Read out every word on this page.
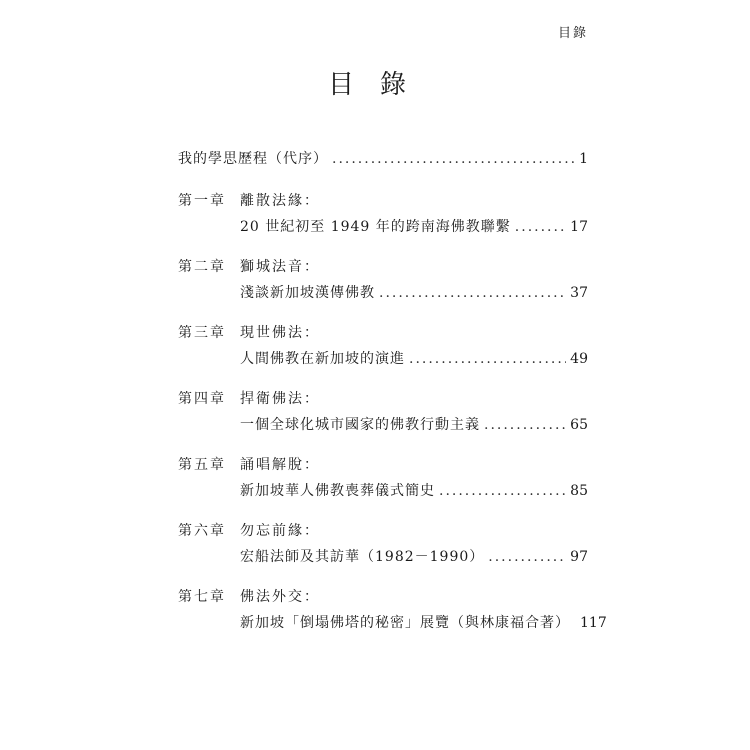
目錄
目錄
我的學思歷程（代序） .....	1
第一章	離散法緣：
20 世紀初至 1949 年的跨南海佛教聯繫 .....	17
第二章	獅城法音：
淺談新加坡漢傳佛教 .....	37
第三章	現世佛法：
人間佛教在新加坡的演進 .....	49
第四章	捍衛佛法：
一個全球化城市國家的佛教行動主義 .....	65
第五章	誦唱解脫：
新加坡華人佛教喪葬儀式簡史 .....	85
第六章	勿忘前緣：
宏船法師及其訪華（1982－1990） .....	97
第七章	佛法外交：
新加坡「倒塌佛塔的秘密」展覽（與林康福合著） 117
